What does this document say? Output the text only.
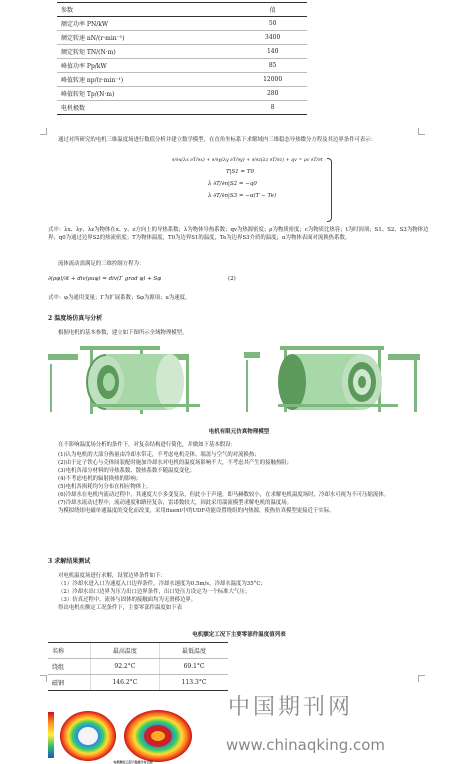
参数	值
额定功率 PN/kW	50
额定转速 nN/(r·min⁻¹)	3400
额定转矩 TN/(N·m)	140
峰值功率 Pp/kW	85
峰值转速 np/(r·min⁻¹)	12000
峰值转矩 Tp/(N·m)	280
电机极数	8
通过对所研究的电机三维温度场进行数值分析并建立数学模型，在直角坐标系下求解域内三维稳态导热微分方程及其边界条件可表示：
∂/∂x(λx ∂T/∂x) + ∂/∂y(λy ∂T/∂y) + ∂/∂z(λz ∂T/∂z) + qv = ρc ∂T/∂t
T|S1 = T0
λ ∂T/∂n|S2 = −q0
λ ∂T/∂n|S3 = −α(T − Te)
式中：λx、λy、λz为物体在x、y、z方向上的导热系数；λ为物体导热系数；qv为热源密度；ρ为物质密度；c为物质比热容；t为时间项；S1、S2、S3为物体边界；q0为通过边界S2的热流密度；T为物体温度，T0为边界S1的温度，Te为边界S3介质的温度；α为物体表面对流换热系数。
流体流动需满足的三维控制方程为：
∂(ρφ)/∂t + div(ρuφ) = div(Γ grad φ) + Sφ	(2)
式中：φ为通用变量；Γ为扩展系数；Sφ为源项；u为速度。
2 温度场仿真与分析
根据电机的基本参数，建立如下图所示全域物理模型。
电机有限元仿真物理模型
在不影响温度场分析的条件下，对复杂结构进行简化，并做如下基本假设：
(1)认为电机的大部分热量由冷却水带走，不考虑电机壳体、端盖与空气的对流换热；
(2)由于定子铁心与壳体间装配时施加冷却水对电机的温度场影响不大，不考虑其产生的接触热阻；
(3)电机各部分材料的导热系数、散热系数不随温度变化；
(4)不考虑电机的辐射换热的影响；
(5)电机各损耗均匀分布在相应物体上。
(6)冷却水在电机内流动过程中，其速度大小多变复杂，但此小于声速，即马赫数较小，在求解电机温度场时，冷却水可视为不可压缩流体。
(7)冷却水流动过程中，流动速度和路径复杂，雷诺数较大，因此采用湍流模型求解电机的温度场。
为模拟绕组电磁单通温度的变化而改变，采用fluent中的UDF功能设置绕组的内热源，使热仿真模型更接近于实际。
3 求解结果测试
对电机温度场进行求解，设置边界条件如下：
（1）冷却水进入口为速度入口边界条件，冷却水速度为0.5m/s，冷却水温度为35°C；
（2）冷却水出口边界为压力出口边界条件，出口处压力设定为一个标准大气压；
（3）仿真过程中，流体与固体的接触面均为无滑移边界。
得出电机在额定工况条件下，主要零部件温度如下表
电机额定工况下主要零部件温度值列表
名称	最高温度	最低温度
绕组	92.2°C	69.1°C
磁钢	146.2°C	113.3°C
电机额定工况下温度分布云图
中国期刊网
www.chinaqking.com
